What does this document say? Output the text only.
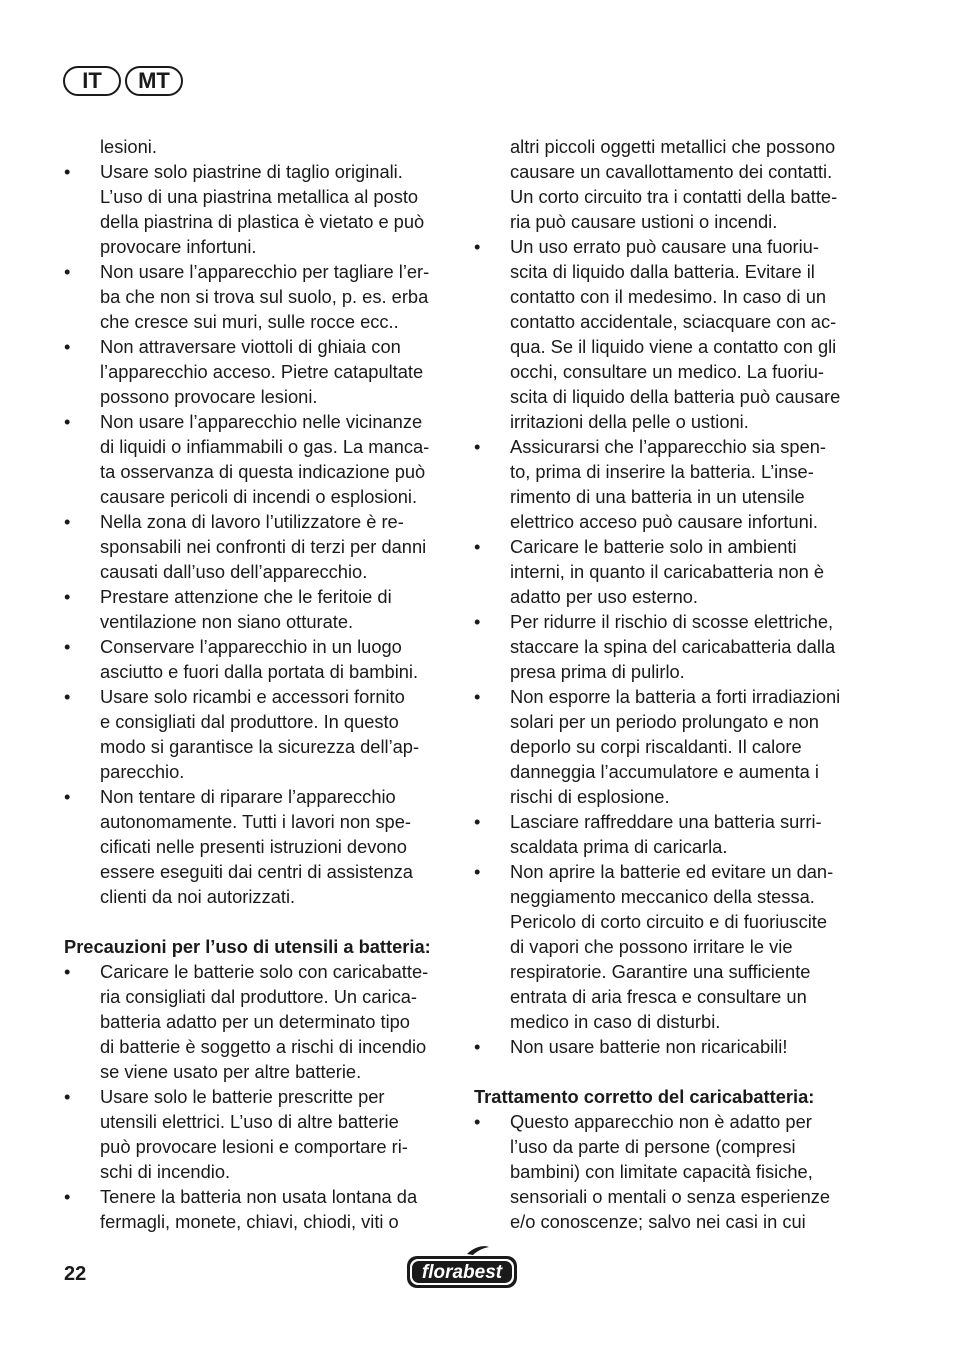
IT	MT
lesioni.
•	Usare solo piastrine di taglio originali.
L’uso di una piastrina metallica al posto
della piastrina di plastica è vietato e può
provocare infortuni.
•	Non usare l’apparecchio per tagliare l’er-
ba che non si trova sul suolo, p. es. erba
che cresce sui muri, sulle rocce ecc..
•	Non attraversare viottoli di ghiaia con
l’apparecchio acceso. Pietre catapultate
possono provocare lesioni.
•	Non usare l’apparecchio nelle vicinanze
di liquidi o infiammabili o gas. La manca-
ta osservanza di questa indicazione può
causare pericoli di incendi o esplosioni.
•	Nella zona di lavoro l’utilizzatore è re-
sponsabili nei confronti di terzi per danni
causati dall’uso dell’apparecchio.
•	Prestare attenzione che le feritoie di
ventilazione non siano otturate.
•	Conservare l’apparecchio in un luogo
asciutto e fuori dalla portata di bambini.
•	Usare solo ricambi e accessori fornito
e consigliati dal produttore. In questo
modo si garantisce la sicurezza dell’ap-
parecchio.
•	Non tentare di riparare l’apparecchio
autonomamente. Tutti i lavori non spe-
cificati nelle presenti istruzioni devono
essere eseguiti dai centri di assistenza
clienti da noi autorizzati.
Precauzioni per l’uso di utensili a batteria:
•	Caricare le batterie solo con caricabatte-
ria consigliati dal produttore. Un carica-
batteria adatto per un determinato tipo
di batterie è soggetto a rischi di incendio
se viene usato per altre batterie.
•	Usare solo le batterie prescritte per
utensili elettrici. L’uso di altre batterie
può provocare lesioni e comportare ri-
schi di incendio.
•	Tenere la batteria non usata lontana da
fermagli, monete, chiavi, chiodi, viti o
altri piccoli oggetti metallici che possono
causare un cavallottamento dei contatti.
Un corto circuito tra i contatti della batte-
ria può causare ustioni o incendi.
•	Un uso errato può causare una fuoriu-
scita di liquido dalla batteria. Evitare il
contatto con il medesimo. In caso di un
contatto accidentale, sciacquare con ac-
qua. Se il liquido viene a contatto con gli
occhi, consultare un medico. La fuoriu-
scita di liquido della batteria può causare
irritazioni della pelle o ustioni.
•	Assicurarsi che l’apparecchio sia spen-
to, prima di inserire la batteria. L’inse-
rimento di una batteria in un utensile
elettrico acceso può causare infortuni.
•	Caricare le batterie solo in ambienti
interni, in quanto il caricabatteria non è
adatto per uso esterno.
•	Per ridurre il rischio di scosse elettriche,
staccare la spina del caricabatteria dalla
presa prima di pulirlo.
•	Non esporre la batteria a forti irradiazioni
solari per un periodo prolungato e non
deporlo su corpi riscaldanti. Il calore
danneggia l’accumulatore e aumenta i
rischi di esplosione.
•	Lasciare raffreddare una batteria surri-
scaldata prima di caricarla.
•	Non aprire la batterie ed evitare un dan-
neggiamento meccanico della stessa.
Pericolo di corto circuito e di fuoriuscite
di vapori che possono irritare le vie
respiratorie. Garantire una sufficiente
entrata di aria fresca e consultare un
medico in caso di disturbi.
•	Non usare batterie non ricaricabili!
Trattamento corretto del caricabatteria:
•	Questo apparecchio non è adatto per
l’uso da parte di persone (compresi
bambini) con limitate capacità fisiche,
sensoriali o mentali o senza esperienze
e/o conoscenze; salvo nei casi in cui
22	florabest
